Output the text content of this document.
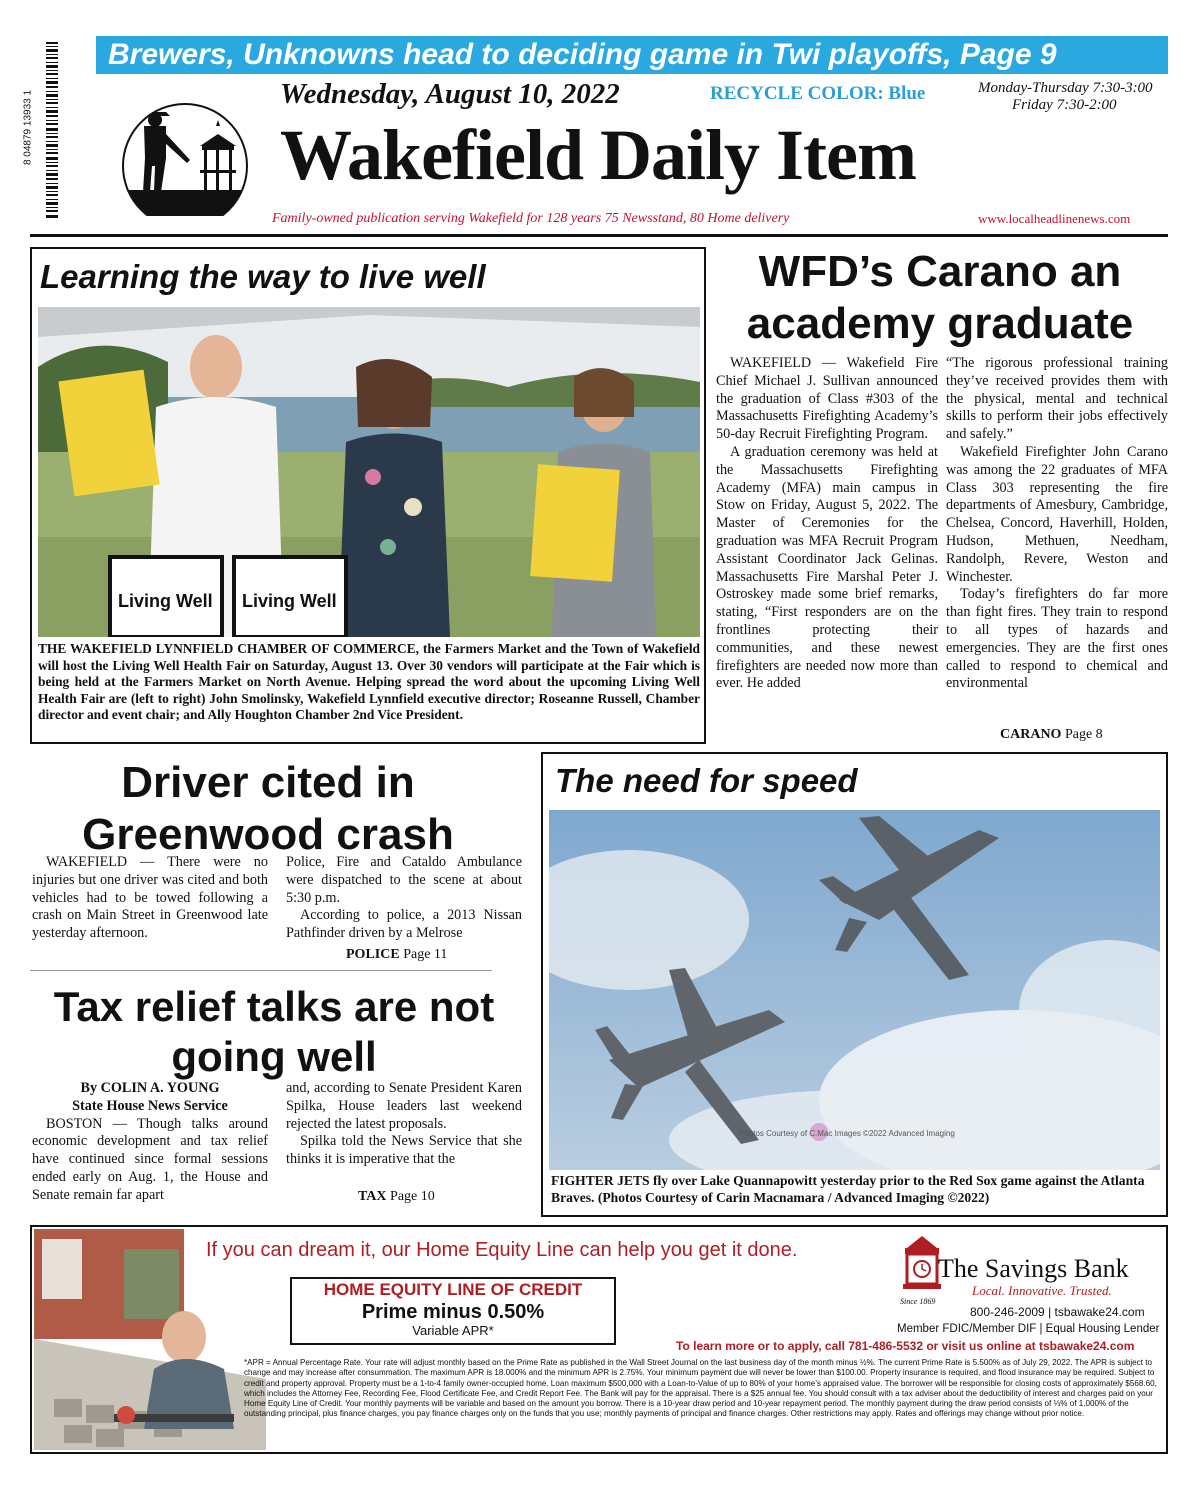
8 04879 13933 1
Brewers, Unknowns head to deciding game in Twi playoffs, Page 9
Wednesday, August 10, 2022	RECYCLE COLOR: Blue	Monday-Thursday 7:30-3:00
Friday 7:30-2:00
Wakefield Daily Item
Family-owned publication serving Wakefield for 128 years 75 Newsstand, 80 Home delivery	www.localheadlinenews.com
Learning the way to live well
Living Well Living Well
THE WAKEFIELD LYNNFIELD CHAMBER OF COMMERCE, the Farmers Market and the Town of Wakefield will host the Living Well Health Fair on Saturday, August 13. Over 30 vendors will participate at the Fair which is being held at the Farmers Market on North Avenue. Helping spread the word about the upcoming Living Well Health Fair are (left to right) John Smolinsky, Wakefield Lynnfield executive director; Roseanne Russell, Chamber director and event chair; and Ally Houghton Chamber 2nd Vice President.
WFD’s Carano an academy graduate

WAKEFIELD — Wakefield Fire Chief Michael J. Sullivan announced the graduation of Class #303 of the Massachusetts Firefighting Academy’s 50-day Recruit Firefighting Program.

A graduation ceremony was held at the Massachusetts Firefighting Academy (MFA) main campus in Stow on Friday, August 5, 2022. The Master of Ceremonies for the graduation was MFA Recruit Program Assistant Coordinator Jack Gelinas. Massachusetts Fire Marshal Peter J. Ostroskey made some brief remarks, stating, “First responders are on the frontlines protecting their communities, and these newest firefighters are needed now more than ever. He added

“The rigorous professional training they’ve received provides them with the physical, mental and technical skills to perform their jobs effectively and safely.”

Wakefield Firefighter John Carano was among the 22 graduates of MFA Class 303 representing the fire departments of Amesbury, Cambridge, Chelsea, Concord, Haverhill, Holden, Hudson, Methuen, Needham, Randolph, Revere, Weston and Winchester.

Today’s firefighters do far more than fight fires. They train to respond to all types of hazards and emergencies. They are the first ones called to respond to chemical and environmental

CARANO Page 8
Driver cited in Greenwood crash

WAKEFIELD — There were no injuries but one driver was cited and both vehicles had to be towed following a crash on Main Street in Greenwood late yesterday afternoon.

Police, Fire and Cataldo Ambulance were dispatched to the scene at about 5:30 p.m.

According to police, a 2013 Nissan Pathfinder driven by a Melrose

POLICE Page 11
Tax relief talks are not going well

By COLIN A. YOUNG

State House News Service

BOSTON — Though talks around economic development and tax relief have continued since formal sessions ended early on Aug. 1, the House and Senate remain far apart

and, according to Senate President Karen Spilka, House leaders last weekend rejected the latest proposals.

Spilka told the News Service that she thinks it is imperative that the

TAX Page 10
The need for speed
Photos Courtesy of C.Mac Images ©2022 Advanced Imaging
FIGHTER JETS fly over Lake Quannapowitt yesterday prior to the Red Sox game against the Atlanta Braves. (Photos Courtesy of Carin Macnamara / Advanced Imaging ©2022)
If you can dream it, our Home Equity Line can help you get it done.
HOME EQUITY LINE OF CREDIT
Prime minus 0.50%
Variable APR*
The Savings Bank
Local. Innovative. Trusted.
Since 1869
800-246-2009 | tsbawake24.com
Member FDIC/Member DIF | Equal Housing Lender
To learn more or to apply, call 781-486-5532 or visit us online at tsbawake24.com
*APR = Annual Percentage Rate. Your rate will adjust monthly based on the Prime Rate as published in the Wall Street Journal on the last business day of the month minus ½%. The current Prime Rate is 5.500% as of July 29, 2022. The APR is subject to change and may increase after consummation. The maximum APR is 18.000% and the minimum APR is 2.75%. Your minimum payment due will never be lower than $100.00. Property insurance is required, and flood insurance may be required. Subject to credit and property approval. Property must be a 1-to-4 family owner-occupied home. Loan maximum $500,000 with a Loan-to-Value of up to 80% of your home’s appraised value. The borrower will be responsible for closing costs of approximately $568.60, which includes the Attorney Fee, Recording Fee, Flood Certificate Fee, and Credit Report Fee. The Bank will pay for the appraisal. There is a $25 annual fee. You should consult with a tax adviser about the deductibility of interest and charges paid on your Home Equity Line of Credit. Your monthly payments will be variable and based on the amount you borrow. There is a 10-year draw period and 10-year repayment period. The monthly payment during the draw period consists of ⅓% of 1.000% of the outstanding principal, plus finance charges, you pay finance charges only on the funds that you use; monthly payments of principal and finance charges. Other restrictions may apply. Rates and offerings may change without prior notice.
